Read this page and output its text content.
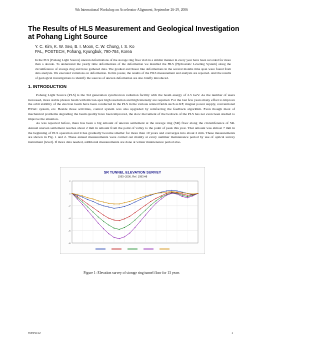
9th International Workshop on Accelerator Alignment, September 26-29, 2006
The Results of HLS Measurement and Geological Investigation at Pohang Light Source
Y. C. Kim, K. W. Seo, B. I. Moon, C. W. Chung, I. S. Ko
PAL, POSTECH, Pohang, Kyungbuk, 790-784, Korea
In the PLS (Pohang Light Source) uneven deformations of the storage ring floor slab in a similar manner in every year have been recorded for more than a decade. To understand the yearly time deformations of the deformation we installed the HLS (Hydrostatic Leveling System) along the circumference of storage ring and have gathered data. The gradual and linear like deformations in the several months time span were found from data analysis. We executed variations on deformation. In this poster, the results of the HLS measurement and analysis are reported. And the results of geological investigations to identify the sources of uneven deformation are also briefly introduced.
1. INTRODUCTION

Pohang Light Source (PLS) is the 3rd generation synchrotron radiation facility with the beam energy of 2.5 GeV. As the number of users increased, more stable photon beam with micron-spot high resolution and high intensity are required. For the last few years many effort to improve the orbit stability of the electron beam have been conducted in the PLS in the various related fields such as RF, magnet power supply, conventional HVAC system, etc. Beside those activities, control system was also upgraded by reinforcing the feedback algorithm. Even though most of mechanical problems degrading the beam quality have been improved, the slow movement of the bedrock of the PLS has not even been studied to improve the situation.

As was reported before, there has been a big amount of uneven settlement at the storage ring (SR) floor along the circumference of SR. Annual uneven settlement reaches about 2 mm in amount from the point of valley to the point of peak this year. That amount was almost 7 mm in the beginning of PLS operation and it has gradually become smaller for more than 10 years and converges into about 2 mm. These measurements are shown in Fig. 1 and 2. These annual measurements were carried out mainly at every summer maintenance period by use of optical survey instrument (level). If more data needed, additional measurements are done at winter maintenance period also.

SR TUNNEL ELEVATION SURVEY
1993~2006, Ref. 1993 #8
-8
-6
-4
-2
0
2
Figure 1: Elevation survey of storage ring tunnel floor for 13 years
WEPO12	1
